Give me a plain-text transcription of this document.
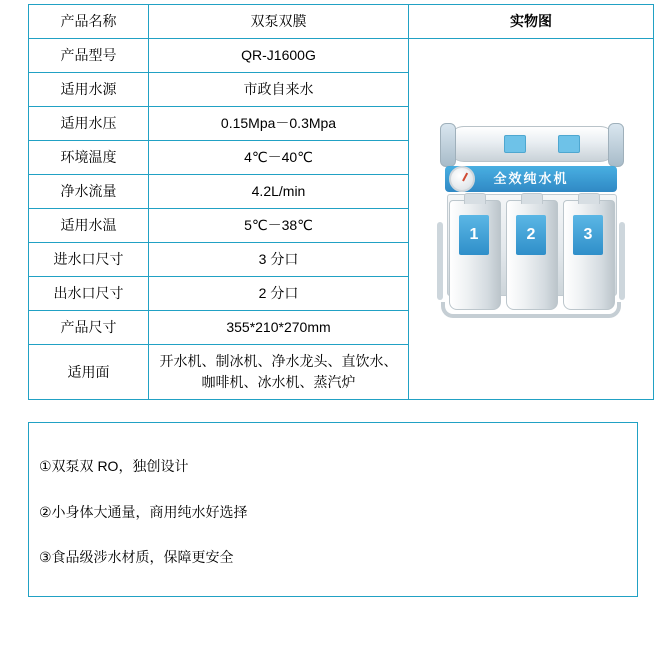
产品名称	双泵双膜	实物图
产品型号	QR-J1600G	全效纯水机
1 2 3

适用水源	市政自来水	
适用水压	0.15Mpa－0.3Mpa	
环境温度	4℃－40℃	
净水流量	4.2L/min	
适用水温	5℃－38℃	
进水口尺寸	3 分口	
出水口尺寸	2 分口	
产品尺寸	355*210*270mm	
适用面	开水机、制冰机、净水龙头、直饮水、
咖啡机、冰水机、蒸汽炉	
①双泵双 RO，独创设计
②小身体大通量，商用纯水好选择
③食品级涉水材质，保障更安全
